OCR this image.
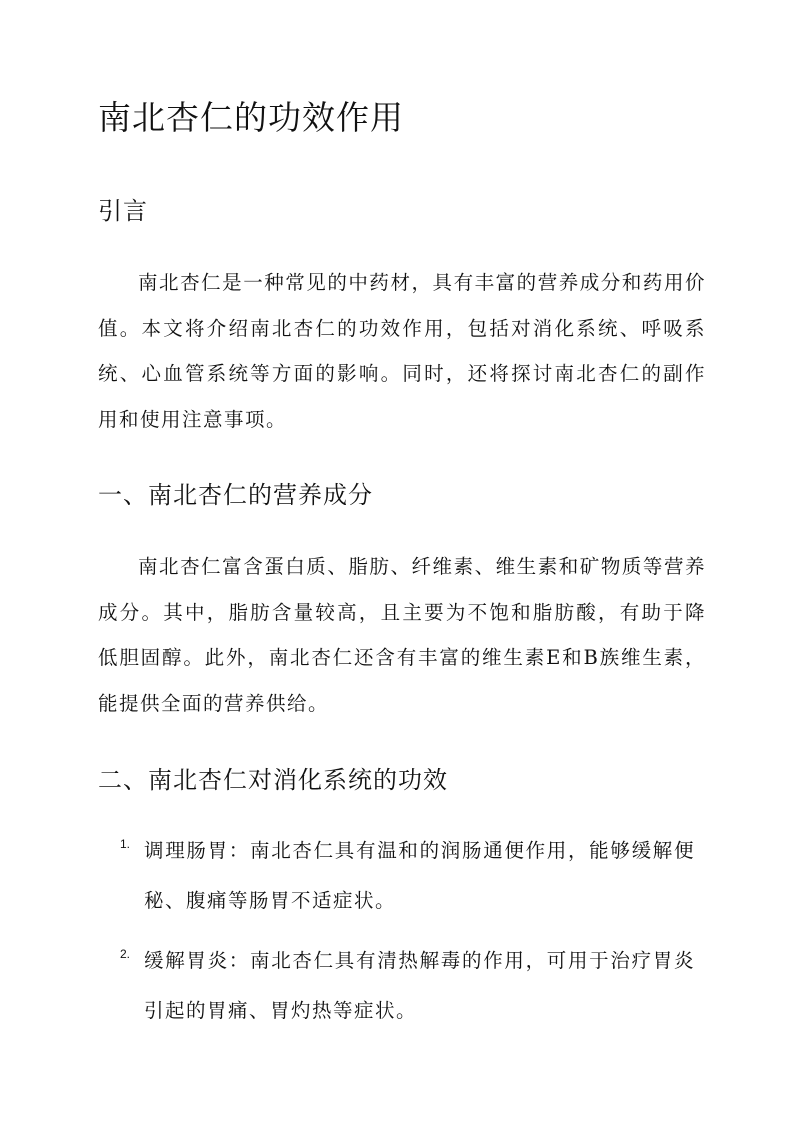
南北杏仁的功效作用
引言

南北杏仁是一种常见的中药材，具有丰富的营养成分和药用价值。本文将介绍南北杏仁的功效作用，包括对消化系统、呼吸系统、心血管系统等方面的影响。同时，还将探讨南北杏仁的副作用和使用注意事项。

一、南北杏仁的营养成分

南北杏仁富含蛋白质、脂肪、纤维素、维生素和矿物质等营养成分。其中，脂肪含量较高，且主要为不饱和脂肪酸，有助于降低胆固醇。此外，南北杏仁还含有丰富的维生素E和B族维生素，能提供全面的营养供给。

二、南北杏仁对消化系统的功效
1. 调理肠胃：南北杏仁具有温和的润肠通便作用，能够缓解便秘、腹痛等肠胃不适症状。
2. 缓解胃炎：南北杏仁具有清热解毒的作用，可用于治疗胃炎引起的胃痛、胃灼热等症状。
